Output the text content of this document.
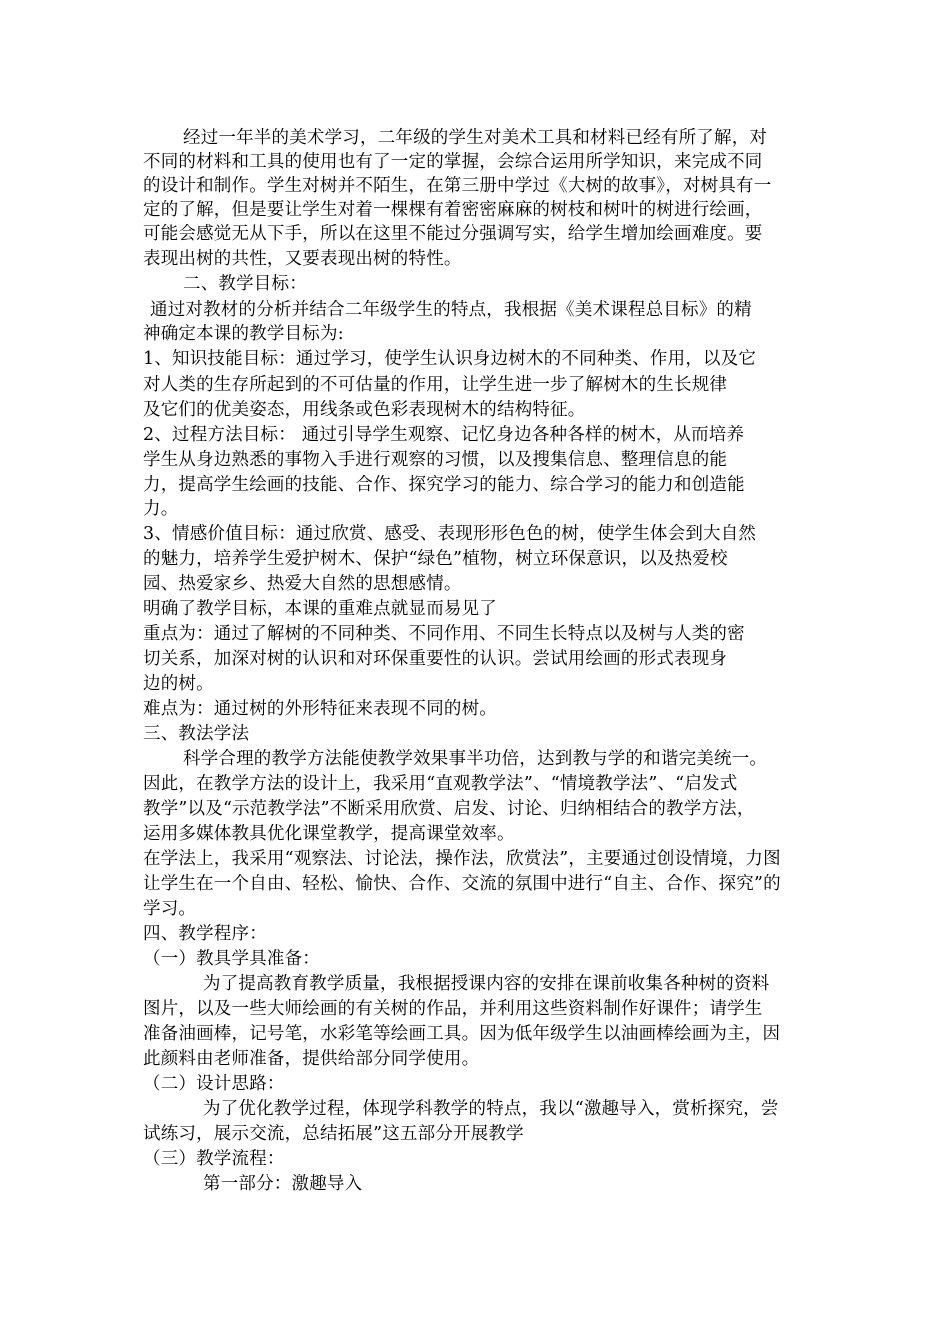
经过一年半的美术学习，二年级的学生对美术工具和材料已经有所了解，对
不同的材料和工具的使用也有了一定的掌握，会综合运用所学知识，来完成不同
的设计和制作。学生对树并不陌生，在第三册中学过《大树的故事》，对树具有一
定的了解，但是要让学生对着一棵棵有着密密麻麻的树枝和树叶的树进行绘画，
可能会感觉无从下手，所以在这里不能过分强调写实，给学生增加绘画难度。要
表现出树的共性，又要表现出树的特性。
二、教学目标：
通过对教材的分析并结合二年级学生的特点，我根据《美术课程总目标》的精
神确定本课的教学目标为:
1、知识技能目标：通过学习，使学生认识身边树木的不同种类、作用，以及它
对人类的生存所起到的不可估量的作用，让学生进一步了解树木的生长规律
及它们的优美姿态，用线条或色彩表现树木的结构特征。
2、过程方法目标： 通过引导学生观察、记忆身边各种各样的树木，从而培养
学生从身边熟悉的事物入手进行观察的习惯，以及搜集信息、整理信息的能
力，提高学生绘画的技能、合作、探究学习的能力、综合学习的能力和创造能
力。
3、情感价值目标：通过欣赏、感受、表现形形色色的树，使学生体会到大自然
的魅力，培养学生爱护树木、保护“绿色”植物，树立环保意识，以及热爱校
园、热爱家乡、热爱大自然的思想感情。
明确了教学目标，本课的重难点就显而易见了
重点为：通过了解树的不同种类、不同作用、不同生长特点以及树与人类的密
切关系，加深对树的认识和对环保重要性的认识。尝试用绘画的形式表现身
边的树。
难点为：通过树的外形特征来表现不同的树。
三、教法学法
科学合理的教学方法能使教学效果事半功倍，达到教与学的和谐完美统一。
因此，在教学方法的设计上，我采用“直观教学法”、“情境教学法”、“启发式
教学”以及“示范教学法”不断采用欣赏、启发、讨论、归纳相结合的教学方法，
运用多媒体教具优化课堂教学，提高课堂效率。
在学法上，我采用“观察法、讨论法，操作法，欣赏法”，主要通过创设情境，力图
让学生在一个自由、轻松、愉快、合作、交流的氛围中进行“自主、合作、探究”的
学习。
四、教学程序：
（一）教具学具准备：
为了提高教育教学质量，我根据授课内容的安排在课前收集各种树的资料
图片，以及一些大师绘画的有关树的作品，并利用这些资料制作好课件；请学生
准备油画棒，记号笔，水彩笔等绘画工具。因为低年级学生以油画棒绘画为主，因
此颜料由老师准备，提供给部分同学使用。
（二）设计思路：
为了优化教学过程，体现学科教学的特点，我以“激趣导入，赏析探究，尝
试练习，展示交流，总结拓展”这五部分开展教学
（三）教学流程：
第一部分：激趣导入
